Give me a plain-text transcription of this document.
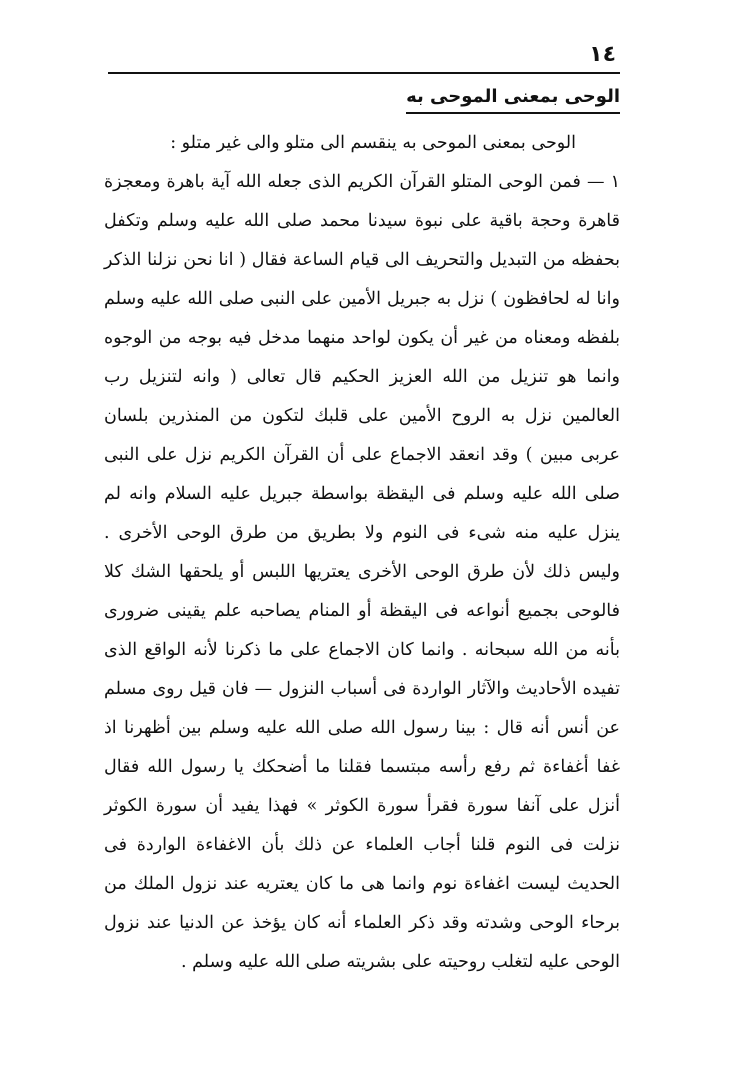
١٤
الوحى بمعنى الموحى به

الوحى بمعنى الموحى به ينقسم الى متلو والى غير متلو :

١ — فمن الوحى المتلو القرآن الكريم الذى جعله الله آية باهرة ومعجزة قاهرة وحجة باقية على نبوة سيدنا محمد صلى الله عليه وسلم وتكفل بحفظه من التبديل والتحريف الى قيام الساعة فقال ( انا نحن نزلنا الذكر وانا له لحافظون ) نزل به جبريل الأمين على النبى صلى الله عليه وسلم بلفظه ومعناه من غير أن يكون لواحد منهما مدخل فيه بوجه من الوجوه وانما هو تنزيل من الله العزيز الحكيم قال تعالى ( وانه لتنزيل رب العالمين نزل به الروح الأمين على قلبك لتكون من المنذرين بلسان عربى مبين ) وقد انعقد الاجماع على أن القرآن الكريم نزل على النبى صلى الله عليه وسلم فى اليقظة بواسطة جبريل عليه السلام وانه لم ينزل عليه منه شىء فى النوم ولا بطريق من طرق الوحى الأخرى . وليس ذلك لأن طرق الوحى الأخرى يعتريها اللبس أو يلحقها الشك كلا فالوحى بجميع أنواعه فى اليقظة أو المنام يصاحبه علم يقينى ضرورى بأنه من الله سبحانه . وانما كان الاجماع على ما ذكرنا لأنه الواقع الذى تفيده الأحاديث والآثار الواردة فى أسباب النزول — فان قيل روى مسلم عن أنس أنه قال : بينا رسول الله صلى الله عليه وسلم بين أظهرنا اذ غفا أغفاءة ثم رفع رأسه مبتسما فقلنا ما أضحكك يا رسول الله فقال أنزل على آنفا سورة فقرأ سورة الكوثر » فهذا يفيد أن سورة الكوثر نزلت فى النوم قلنا أجاب العلماء عن ذلك بأن الاغفاءة الواردة فى الحديث ليست اغفاءة نوم وانما هى ما كان يعتريه عند نزول الملك من برحاء الوحى وشدته وقد ذكر العلماء أنه كان يؤخذ عن الدنيا عند نزول الوحى عليه لتغلب روحيته على بشريته صلى الله عليه وسلم .
